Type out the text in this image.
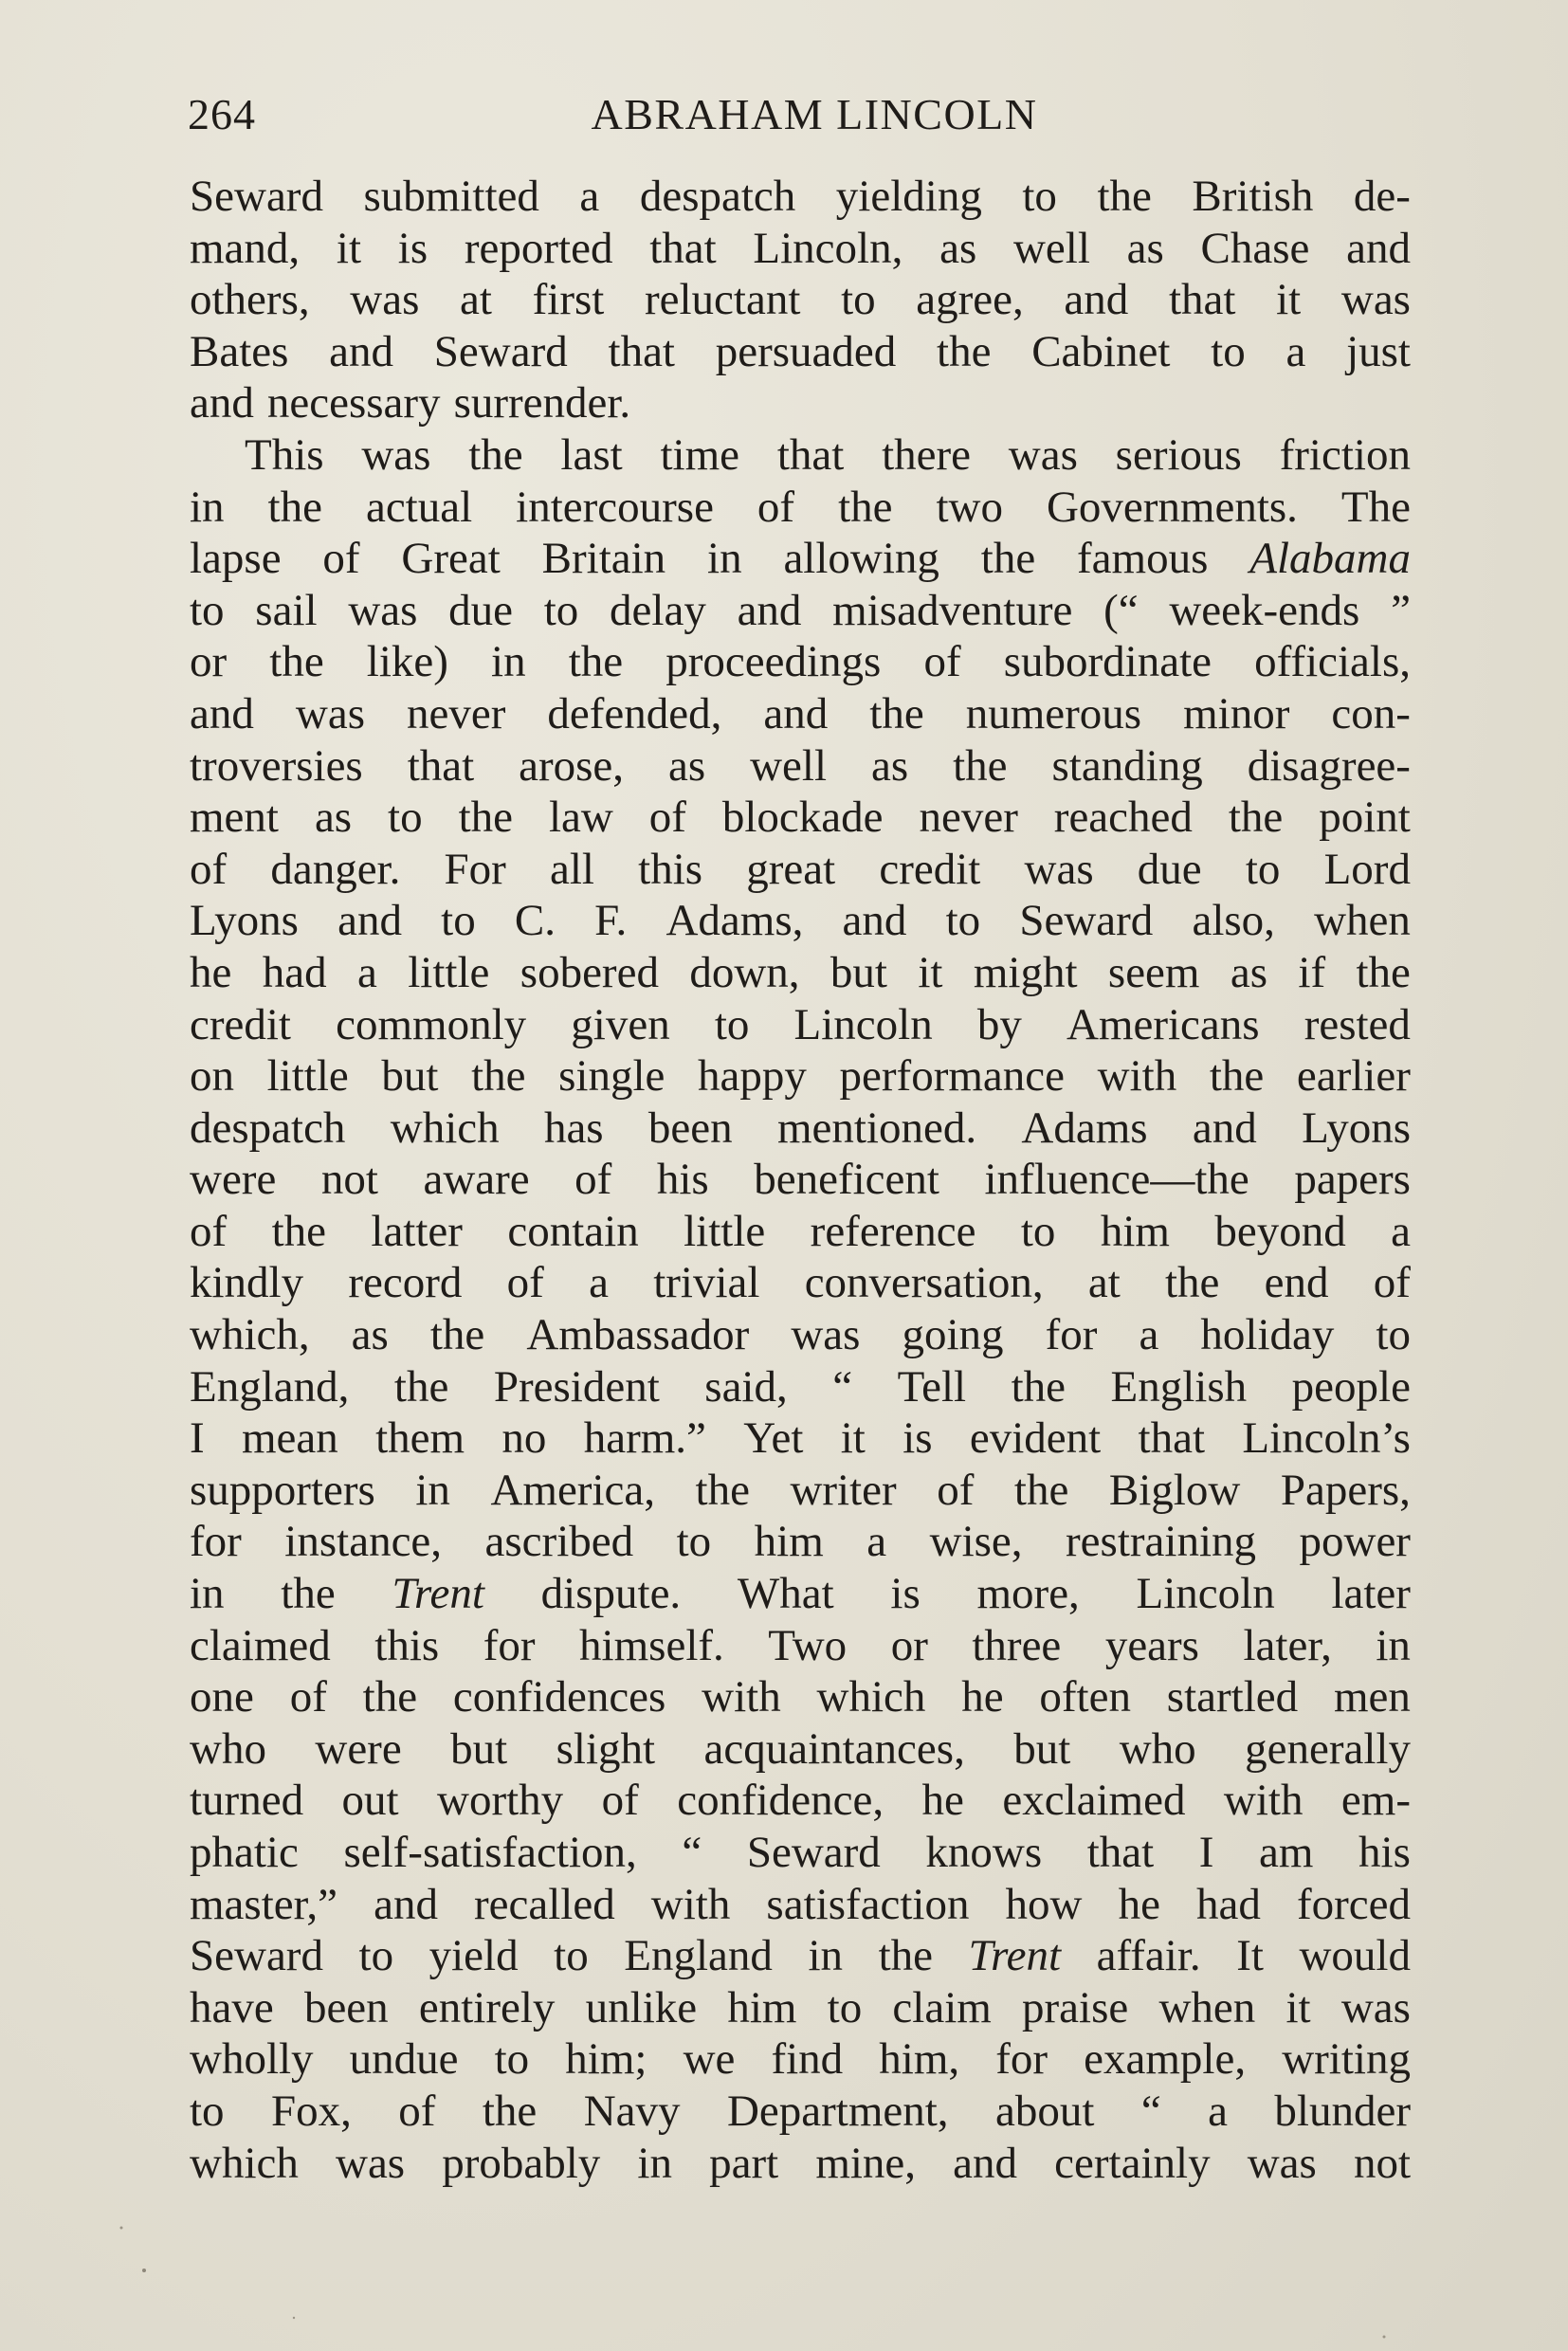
264	ABRAHAM LINCOLN
Seward submitted a despatch yielding to the British de-
mand, it is reported that Lincoln, as well as Chase and
others, was at first reluctant to agree, and that it was
Bates and Seward that persuaded the Cabinet to a just
and necessary surrender.
This was the last time that there was serious friction
in the actual intercourse of the two Governments. The
lapse of Great Britain in allowing the famous Alabama
to sail was due to delay and misadventure (“ week-ends ”
or the like) in the proceedings of subordinate officials,
and was never defended, and the numerous minor con-
troversies that arose, as well as the standing disagree-
ment as to the law of blockade never reached the point
of danger. For all this great credit was due to Lord
Lyons and to C. F. Adams, and to Seward also, when
he had a little sobered down, but it might seem as if the
credit commonly given to Lincoln by Americans rested
on little but the single happy performance with the earlier
despatch which has been mentioned. Adams and Lyons
were not aware of his beneficent influence—the papers
of the latter contain little reference to him beyond a
kindly record of a trivial conversation, at the end of
which, as the Ambassador was going for a holiday to
England, the President said, “ Tell the English people
I mean them no harm.” Yet it is evident that Lincoln’s
supporters in America, the writer of the Biglow Papers,
for instance, ascribed to him a wise, restraining power
in the Trent dispute. What is more, Lincoln later
claimed this for himself. Two or three years later, in
one of the confidences with which he often startled men
who were but slight acquaintances, but who generally
turned out worthy of confidence, he exclaimed with em-
phatic self-satisfaction, “ Seward knows that I am his
master,” and recalled with satisfaction how he had forced
Seward to yield to England in the Trent affair. It would
have been entirely unlike him to claim praise when it was
wholly undue to him; we find him, for example, writing
to Fox, of the Navy Department, about “ a blunder
which was probably in part mine, and certainly was not
